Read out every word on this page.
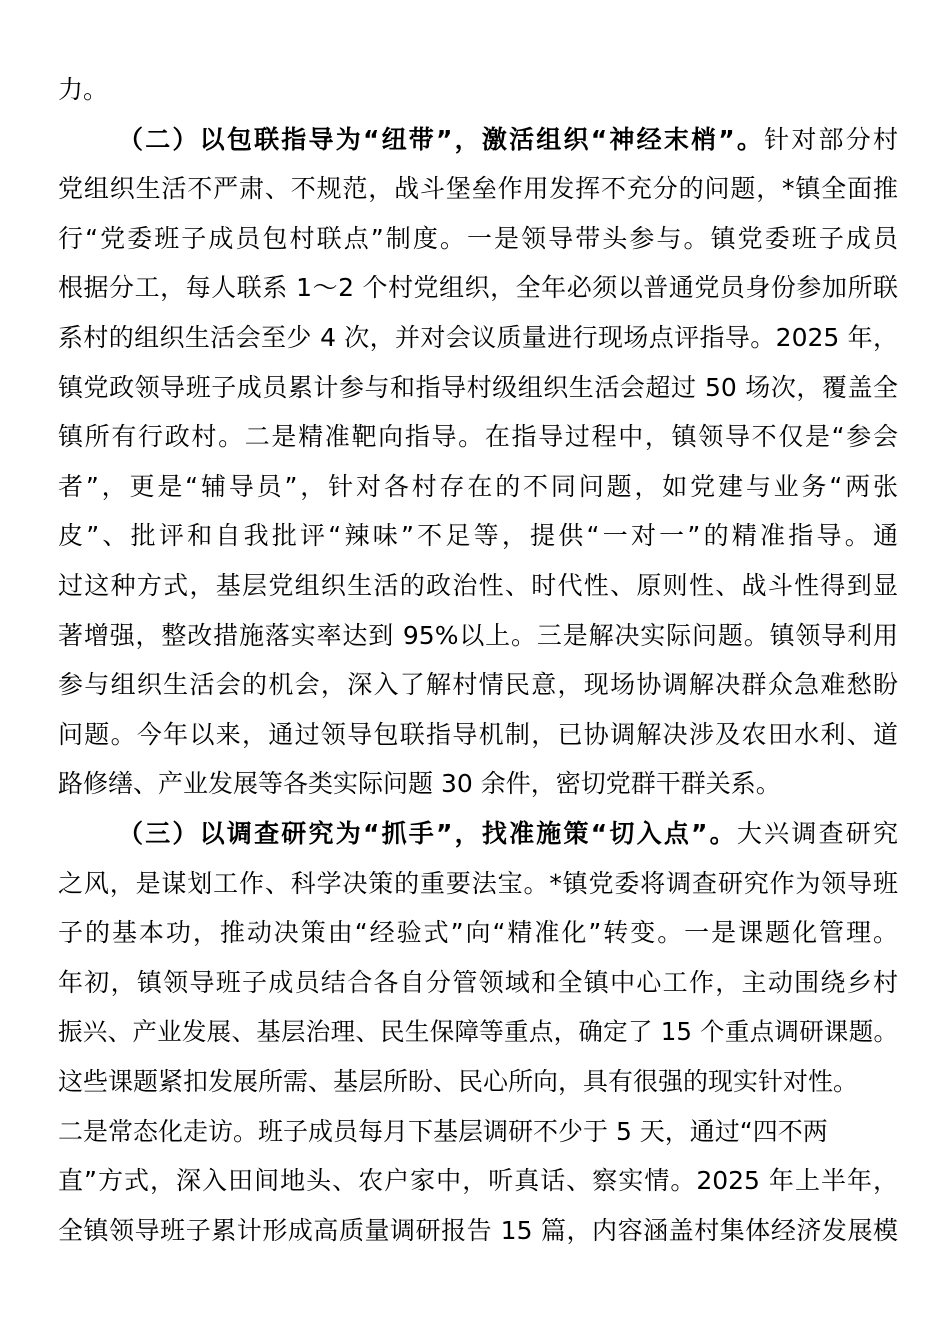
力。
（二）以包联指导为“纽带”，激活组织“神经末梢”。针对部分村
党组织生活不严肃、不规范，战斗堡垒作用发挥不充分的问题，*镇全面推
行“党委班子成员包村联点”制度。一是领导带头参与。镇党委班子成员
根据分工，每人联系 1～2 个村党组织，全年必须以普通党员身份参加所联
系村的组织生活会至少 4 次，并对会议质量进行现场点评指导。2025 年，
镇党政领导班子成员累计参与和指导村级组织生活会超过 50 场次，覆盖全
镇所有行政村。二是精准靶向指导。在指导过程中，镇领导不仅是“参会
者”，更是“辅导员”，针对各村存在的不同问题，如党建与业务“两张
皮”、批评和自我批评“辣味”不足等，提供“一对一”的精准指导。通
过这种方式，基层党组织生活的政治性、时代性、原则性、战斗性得到显
著增强，整改措施落实率达到 95%以上。三是解决实际问题。镇领导利用
参与组织生活会的机会，深入了解村情民意，现场协调解决群众急难愁盼
问题。今年以来，通过领导包联指导机制，已协调解决涉及农田水利、道
路修缮、产业发展等各类实际问题 30 余件，密切党群干群关系。
（三）以调查研究为“抓手”，找准施策“切入点”。大兴调查研究
之风，是谋划工作、科学决策的重要法宝。*镇党委将调查研究作为领导班
子的基本功，推动决策由“经验式”向“精准化”转变。一是课题化管理。
年初，镇领导班子成员结合各自分管领域和全镇中心工作，主动围绕乡村
振兴、产业发展、基层治理、民生保障等重点，确定了 15 个重点调研课题。
这些课题紧扣发展所需、基层所盼、民心所向，具有很强的现实针对性。
二是常态化走访。班子成员每月下基层调研不少于 5 天，通过“四不两
直”方式，深入田间地头、农户家中，听真话、察实情。2025 年上半年，
全镇领导班子累计形成高质量调研报告 15 篇，内容涵盖村集体经济发展模
